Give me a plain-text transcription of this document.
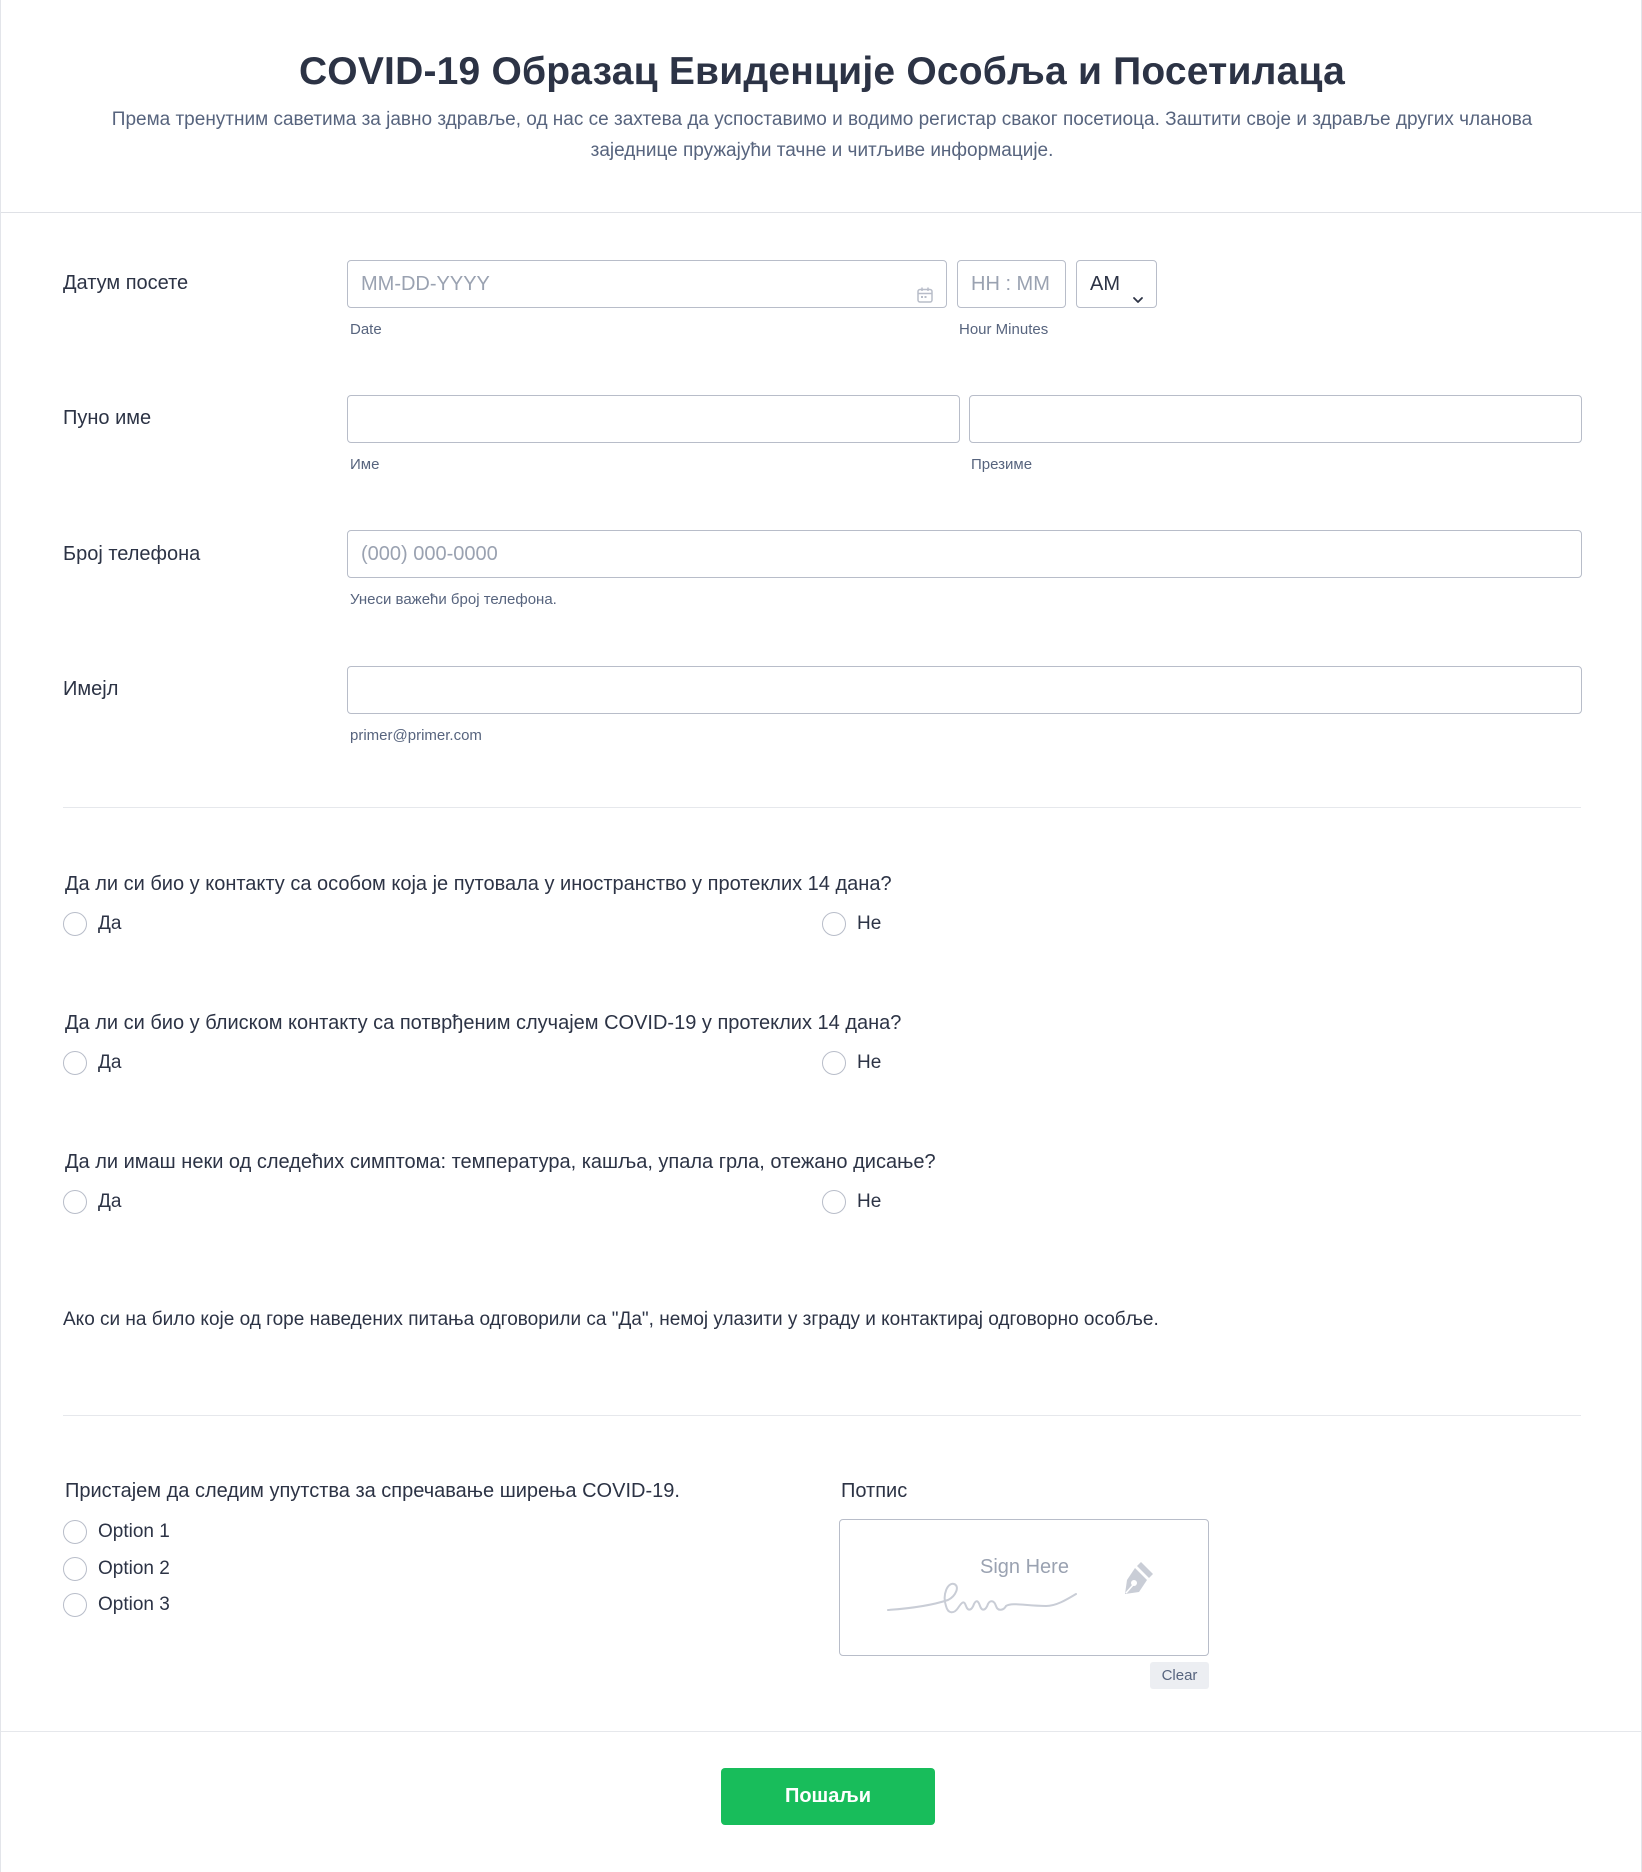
COVID-19 Образац Евиденције Особља и Посетилаца

Према тренутним саветима за јавно здравље, од нас се захтева да успоставимо и водимо регистар сваког посетиоца. Заштити своје и здравље других чланова заједнице пружајући тачне и читљиве информације.

Датум посете	MM-DD-YYYY
Date
HH : MM
Hour Minutes
AM
Пуно име
Име	Презиме
Број телефона	(000) 000-0000
Унеси важећи број телефона.
Имејл
primer@primer.com
Да ли си био у контакту са особом која је путовала у иностранство у протеклих 14 дана?
Да	Не
Да ли си био у блиском контакту са потврђеним случајем COVID-19 у протеклих 14 дана?
Да	Не
Да ли имаш неки од следећих симптома: температура, кашља, упала грла, отежано дисање?
Да	Не
Ако си на било које од горе наведених питања одговорили са "Да", немој улазити у зграду и контактирај одговорно особље.
Пристајем да следим упутства за спречавање ширења COVID-19.
Option 1
Option 2
Option 3
Потпис
Sign Here
Clear
Пошаљи
